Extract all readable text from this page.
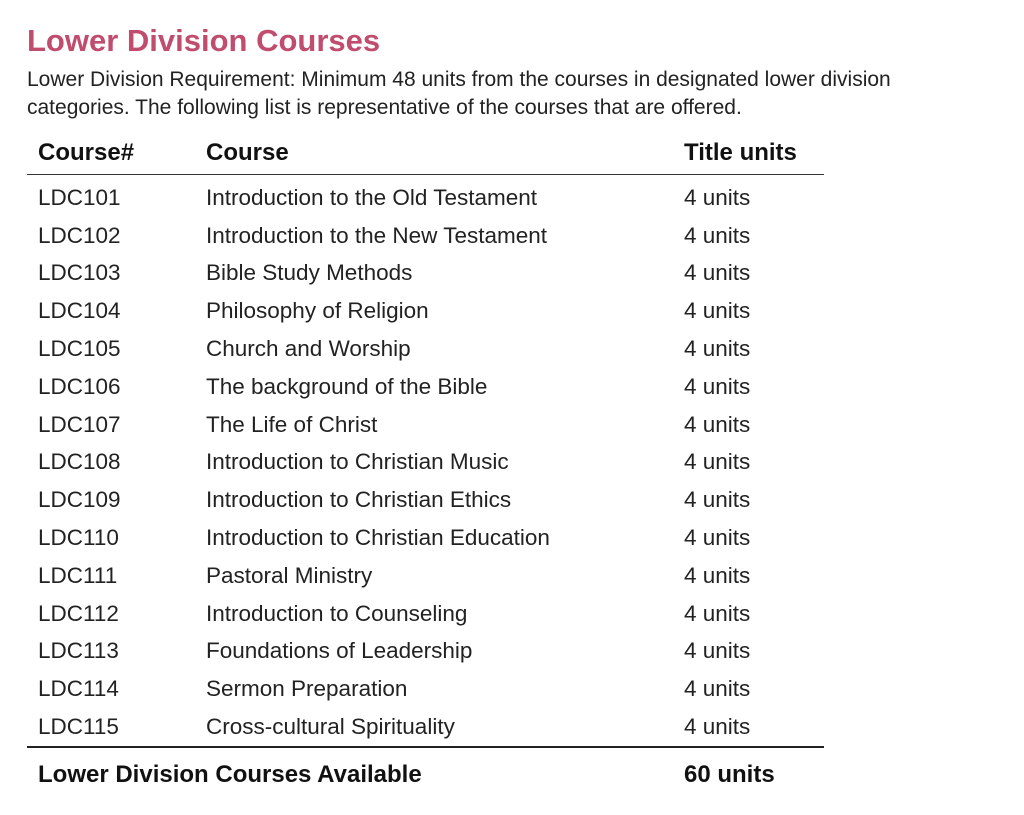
Lower Division Courses

Lower Division Requirement: Minimum 48 units from the courses in designated lower division categories. The following list is representative of the courses that are offered.

Course#	Course	Title units
LDC101	Introduction to the Old Testament	4 units
LDC102	Introduction to the New Testament	4 units
LDC103	Bible Study Methods	4 units
LDC104	Philosophy of Religion	4 units
LDC105	Church and Worship	4 units
LDC106	The background of the Bible	4 units
LDC107	The Life of Christ	4 units
LDC108	Introduction to Christian Music	4 units
LDC109	Introduction to Christian Ethics	4 units
LDC110	Introduction to Christian Education	4 units
LDC111	Pastoral Ministry	4 units
LDC112	Introduction to Counseling	4 units
LDC113	Foundations of Leadership	4 units
LDC114	Sermon Preparation	4 units
LDC115	Cross-cultural Spirituality	4 units
Lower Division Courses Available		60 units
